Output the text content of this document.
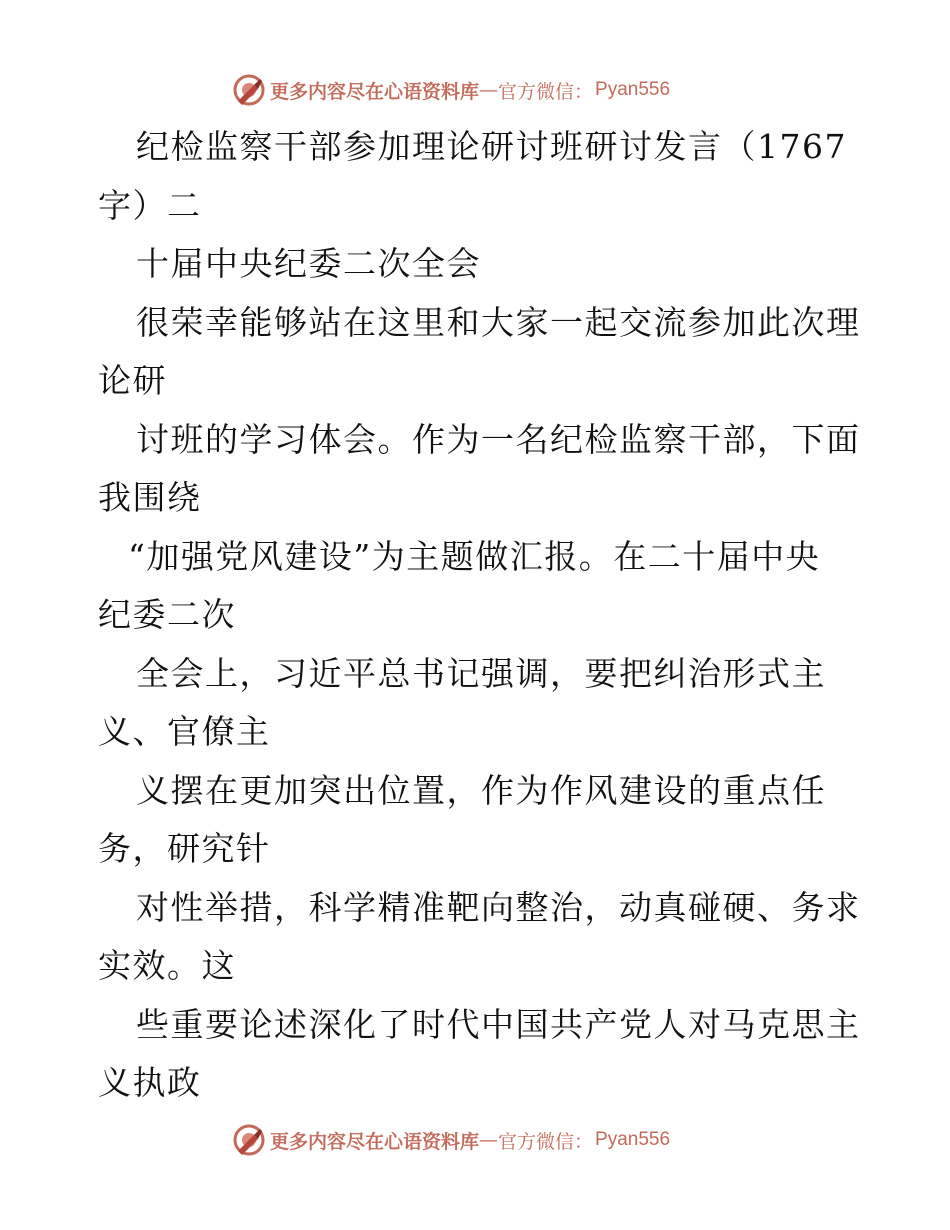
更多内容尽在心语资料库 — 官方微信： Pyan556
纪检监察干部参加理论研讨班研讨发言（1767
字）二
十届中央纪委二次全会
很荣幸能够站在这里和大家一起交流参加此次理
论研
讨班的学习体会。作为一名纪检监察干部，下面
我围绕
“加强党风建设”为主题做汇报。在二十届中央
纪委二次
全会上，习近平总书记强调，要把纠治形式主
义、官僚主
义摆在更加突出位置，作为作风建设的重点任
务，研究针
对性举措，科学精准靶向整治，动真碰硬、务求
实效。这
些重要论述深化了时代中国共产党人对马克思主
义执政
更多内容尽在心语资料库 — 官方微信： Pyan556
